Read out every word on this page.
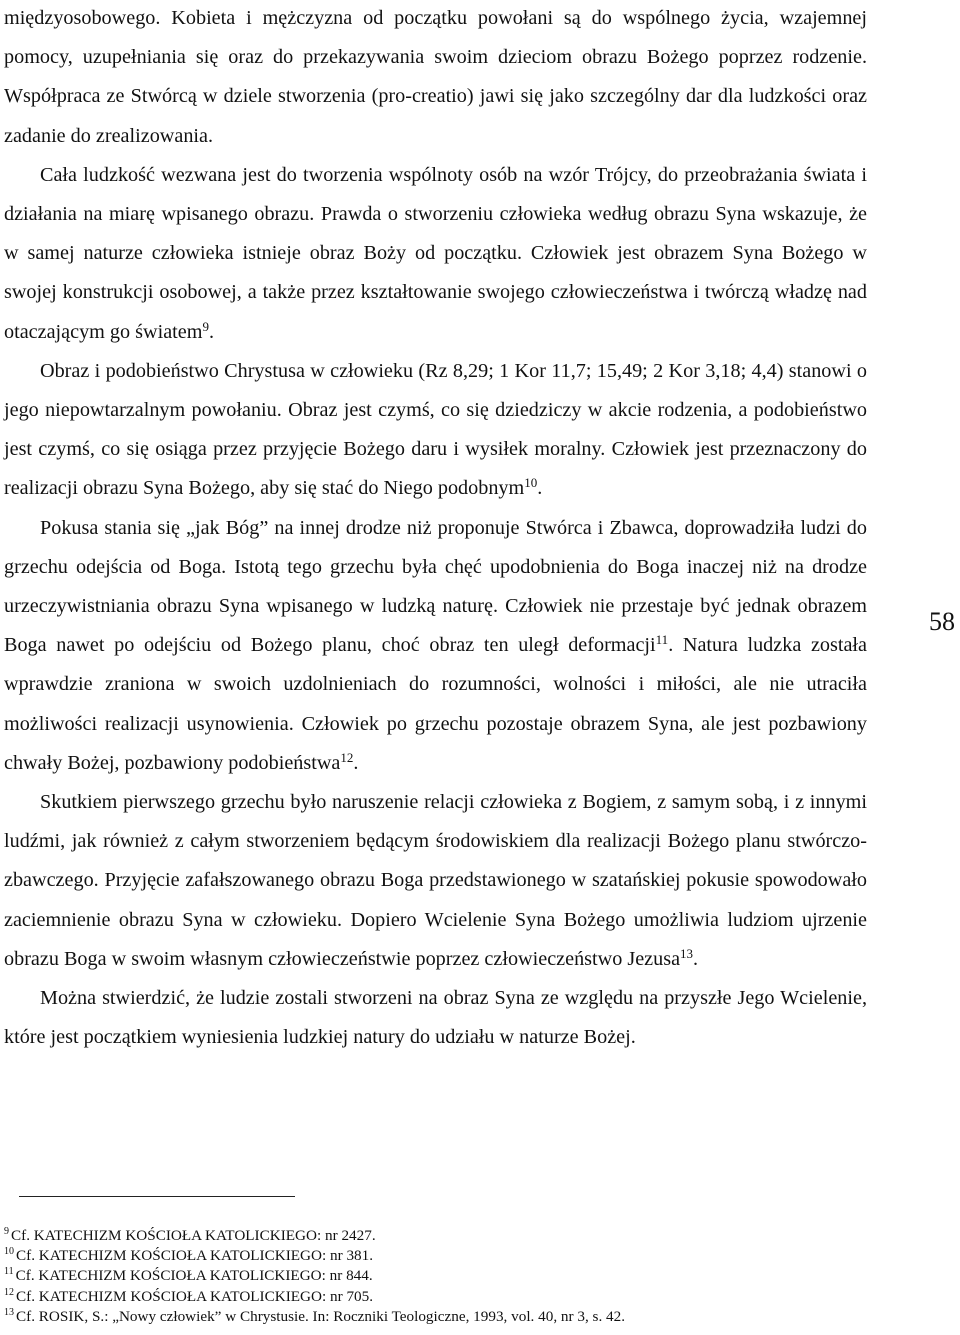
międzyosobowego. Kobieta i mężczyzna od początku powołani są do wspólnego życia, wzajemnej pomocy, uzupełniania się oraz do przekazywania swoim dzieciom obrazu Bożego poprzez rodzenie. Współpraca ze Stwórcą w dziele stworzenia (pro-creatio) jawi się jako szczególny dar dla ludzkości oraz zadanie do zrealizowania.

Cała ludzkość wezwana jest do tworzenia wspólnoty osób na wzór Trójcy, do przeobrażania świata i działania na miarę wpisanego obrazu. Prawda o stworzeniu człowieka według obrazu Syna wskazuje, że w samej naturze człowieka istnieje obraz Boży od początku. Człowiek jest obrazem Syna Bożego w swojej konstrukcji osobowej, a także przez kształtowanie swojego człowieczeństwa i twórczą władzę nad otaczającym go światem$^9$.

Obraz i podobieństwo Chrystusa w człowieku (Rz 8,29; 1 Kor 11,7; 15,49; 2 Kor 3,18; 4,4) stanowi o jego niepowtarzalnym powołaniu. Obraz jest czymś, co się dziedziczy w akcie rodzenia, a podobieństwo jest czymś, co się osiąga przez przyjęcie Bożego daru i wysiłek moralny. Człowiek jest przeznaczony do realizacji obrazu Syna Bożego, aby się stać do Niego podobnym$^{10}$.

Pokusa stania się „jak Bóg” na innej drodze niż proponuje Stwórca i Zbawca, doprowadziła ludzi do grzechu odejścia od Boga. Istotą tego grzechu była chęć upodobnienia do Boga inaczej niż na drodze urzeczywistniania obrazu Syna wpisanego w ludzką naturę. Człowiek nie przestaje być jednak obrazem Boga nawet po odejściu od Bożego planu, choć obraz ten uległ deformacji$^{11}$. Natura ludzka została wprawdzie zraniona w swoich uzdolnieniach do rozumności, wolności i miłości, ale nie utraciła możliwości realizacji usynowienia. Człowiek po grzechu pozostaje obrazem Syna, ale jest pozbawiony chwały Bożej, pozbawiony podobieństwa$^{12}$.

Skutkiem pierwszego grzechu było naruszenie relacji człowieka z Bogiem, z samym sobą, i z innymi ludźmi, jak również z całym stworzeniem będącym środowiskiem dla realizacji Bożego planu stwórczo-zbawczego. Przyjęcie zafałszowanego obrazu Boga przedstawionego w szatańskiej pokusie spowodowało zaciemnienie obrazu Syna w człowieku. Dopiero Wcielenie Syna Bożego umożliwia ludziom ujrzenie obrazu Boga w swoim własnym człowieczeństwie poprzez człowieczeństwo Jezusa$^{13}$.

Można stwierdzić, że ludzie zostali stworzeni na obraz Syna ze względu na przyszłe Jego Wcielenie, które jest początkiem wyniesienia ludzkiej natury do udziału w naturze Bożej.

58

$^9$ Cf. KATECHIZM KOŚCIOŁA KATOLICKIEGO: nr 2427.

$^{10}$ Cf. KATECHIZM KOŚCIOŁA KATOLICKIEGO: nr 381.

$^{11}$ Cf. KATECHIZM KOŚCIOŁA KATOLICKIEGO: nr 844.

$^{12}$ Cf. KATECHIZM KOŚCIOŁA KATOLICKIEGO: nr 705.

$^{13}$ Cf. ROSIK, S.: „Nowy człowiek” w Chrystusie. In: Roczniki Teologiczne, 1993, vol. 40, nr 3, s. 42.
